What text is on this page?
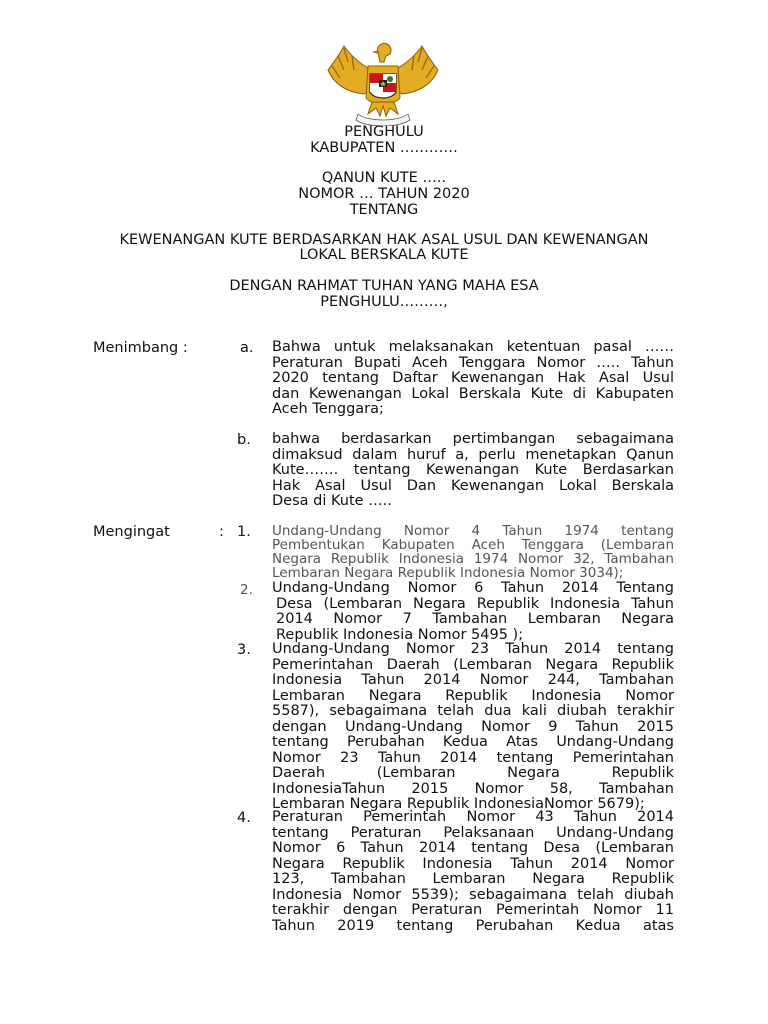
PENGHULU
KABUPATEN …………
QANUN KUTE …..
NOMOR … TAHUN 2020
TENTANG
KEWENANGAN KUTE BERDASARKAN HAK ASAL USUL DAN KEWENANGAN
LOKAL BERSKALA KUTE
DENGAN RAHMAT TUHAN YANG MAHA ESA
PENGHULU………,
Menimbang :	a. Bahwa untuk melaksanakan ketentuan pasal ……
Peraturan Bupati Aceh Tenggara Nomor ….. Tahun
2020 tentang Daftar Kewenangan Hak Asal Usul
dan Kewenangan Lokal Berskala Kute di Kabupaten
Aceh Tenggara;
b. bahwa berdasarkan pertimbangan sebagaimana
dimaksud dalam huruf a, perlu menetapkan Qanun
Kute……. tentang Kewenangan Kute Berdasarkan
Hak Asal Usul Dan Kewenangan Lokal Berskala
Desa di Kute …..
Mengingat	: 1. Undang-Undang Nomor 4 Tahun 1974 tentang
Pembentukan Kabupaten Aceh Tenggara (Lembaran
Negara Republik Indonesia 1974 Nomor 32, Tambahan
Lembaran Negara Republik Indonesia Nomor 3034);
2. Undang-Undang Nomor 6 Tahun 2014 Tentang
Desa (Lembaran Negara Republik Indonesia Tahun
2014 Nomor 7 Tambahan Lembaran Negara
Republik Indonesia Nomor 5495 );
3. Undang-Undang Nomor 23 Tahun 2014 tentang
Pemerintahan Daerah (Lembaran Negara Republik
Indonesia Tahun 2014 Nomor 244, Tambahan
Lembaran Negara Republik Indonesia Nomor
5587), sebagaimana telah dua kali diubah terakhir
dengan Undang-Undang Nomor 9 Tahun 2015
tentang Perubahan Kedua Atas Undang-Undang
Nomor 23 Tahun 2014 tentang Pemerintahan
Daerah (Lembaran Negara Republik
IndonesiaTahun 2015 Nomor 58, Tambahan
Lembaran Negara Republik IndonesiaNomor 5679);
4. Peraturan Pemerintah Nomor 43 Tahun 2014
tentang Peraturan Pelaksanaan Undang-Undang
Nomor 6 Tahun 2014 tentang Desa (Lembaran
Negara Republik Indonesia Tahun 2014 Nomor
123, Tambahan Lembaran Negara Republik
Indonesia Nomor 5539); sebagaimana telah diubah
terakhir dengan Peraturan Pemerintah Nomor 11
Tahun 2019 tentang Perubahan Kedua atas
